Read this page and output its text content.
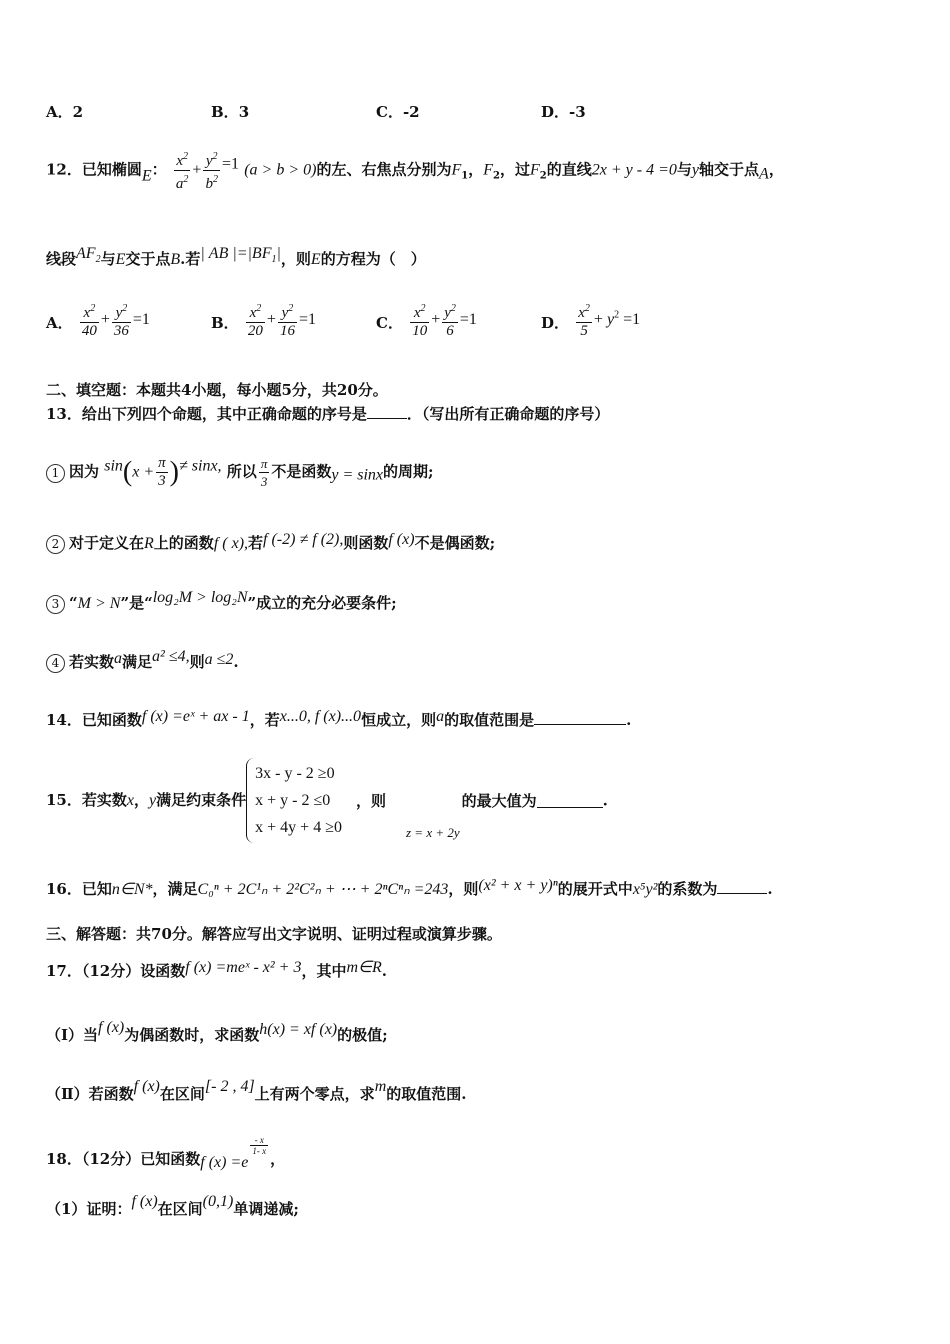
A．2	B．3	C．-2	D．-3
12．已知椭圆E： $\frac{x^2}{a^2} + \frac{y^2}{b^2} =1$ (a > b > 0)的左、右焦点分别为$F_1$，$F_2$，过$F_2$的直线2x + y - 4 =0与y轴交于点A，
线段$AF_2$与E交于点B.若| AB $|=|BF_1|$，则E的方程为（　）
A． $\frac{x^2}{40} + \frac{y^2}{36} =1$	B． $\frac{x^2}{20} + \frac{y^2}{16} =1$	C． $\frac{x^2}{10} + \frac{y^2}{6} =1$	D． $\frac{x^2}{5} + y^2 =1$
二、填空题：本题共4小题，每小题5分，共20分。
13．给出下列四个命题，其中正确命题的序号是	．（写出所有正确命题的序号）
1 因为 $\sin(x + \frac{\pi}{3}$ )≠ sinx, 所以 $\frac{\pi}{3}$ 不是函数y = sinx的周期;
2 对于定义在R上的函数f ( x),若f (-2) ≠ f (2),则函数f (x)不是偶函数;
3 “M > N”是“log₂M > log₂N”成立的充分必要条件;
4 若实数a满足a² ≤4,则a ≤2.
14．已知函数f (x) =eˣ + ax - 1，若x...0, f (x)...0恒成立，则a的取值范围是	.
15．若实数x，y满足约束条件
3x - y - 2 ≥0
x + y - 2 ≤0
x + 4y + 4 ≥0
，则z = x + 2y的最大值为	.
16．已知n∈N*，满足C₀ⁿ + 2C¹ₙ + 2²C²ₙ + ⋯ + 2ⁿCⁿₙ =243，则(x² + x + y)ⁿ的展开式中x⁵y²的系数为	.
三、解答题：共70分。解答应写出文字说明、证明过程或演算步骤。
17．（12分）设函数f (x) =meˣ - x² + 3，其中m∈R.
（Ⅰ）当f (x)为偶函数时，求函数h(x) = xf (x)的极值;
（Ⅱ）若函数f (x)在区间[- 2 , 4]上有两个零点，求m的取值范围.
18．（12分）已知函数f (x) =e
$\frac{- x}{1- x}$
，
（1）证明：f (x)在区间(0,1)单调递减;
